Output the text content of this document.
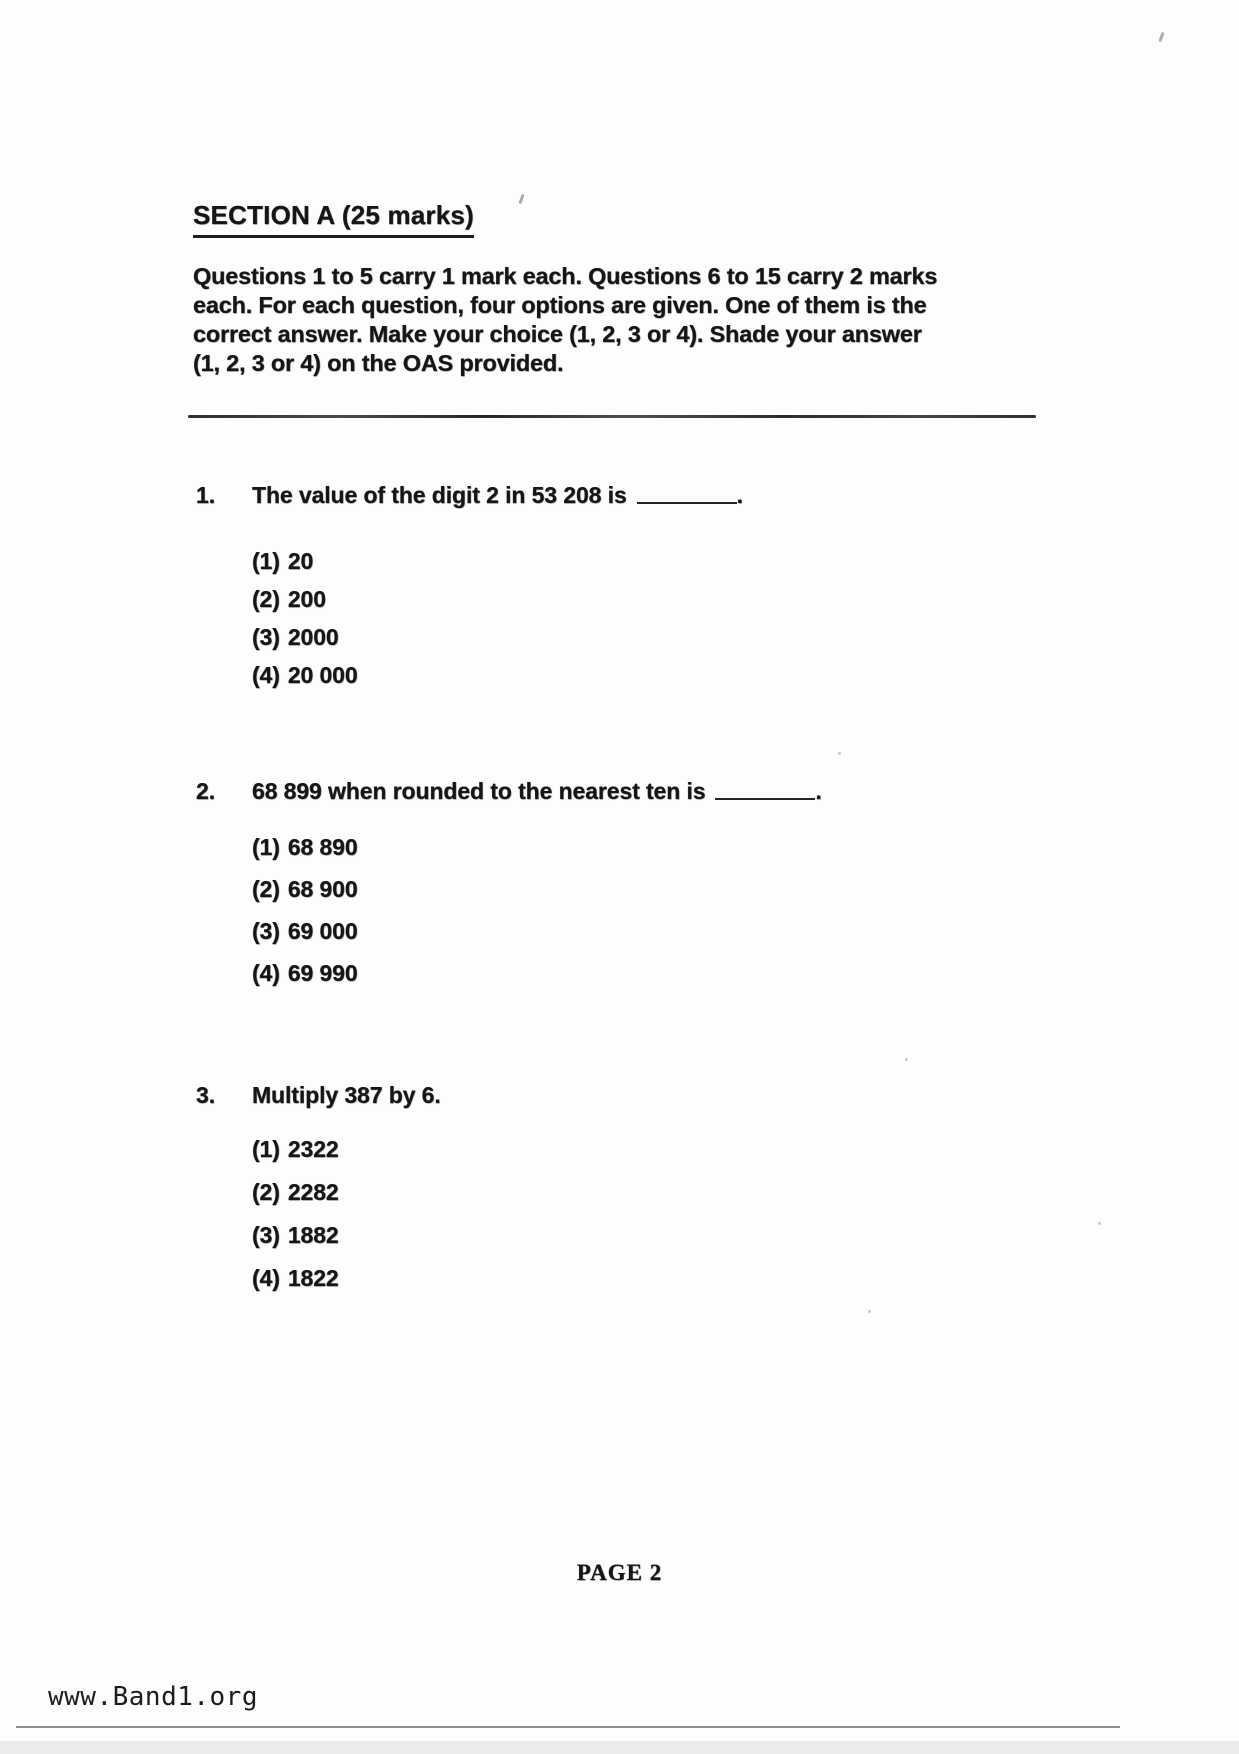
SECTION A (25 marks)
Questions 1 to 5 carry 1 mark each. Questions 6 to 15 carry 2 marks
each. For each question, four options are given. One of them is the
correct answer. Make your choice (1, 2, 3 or 4). Shade your answer
(1, 2, 3 or 4) on the OAS provided.
1.	The value of the digit 2 in 53 208 is	.
(1) 20
(2) 200
(3) 2000
(4) 20 000
2.	68 899 when rounded to the nearest ten is	.
(1) 68 890
(2) 68 900
(3) 69 000
(4) 69 990
3.	Multiply 387 by 6.
(1) 2322
(2) 2282
(3) 1882
(4) 1822
PAGE 2
www.Band1.org
